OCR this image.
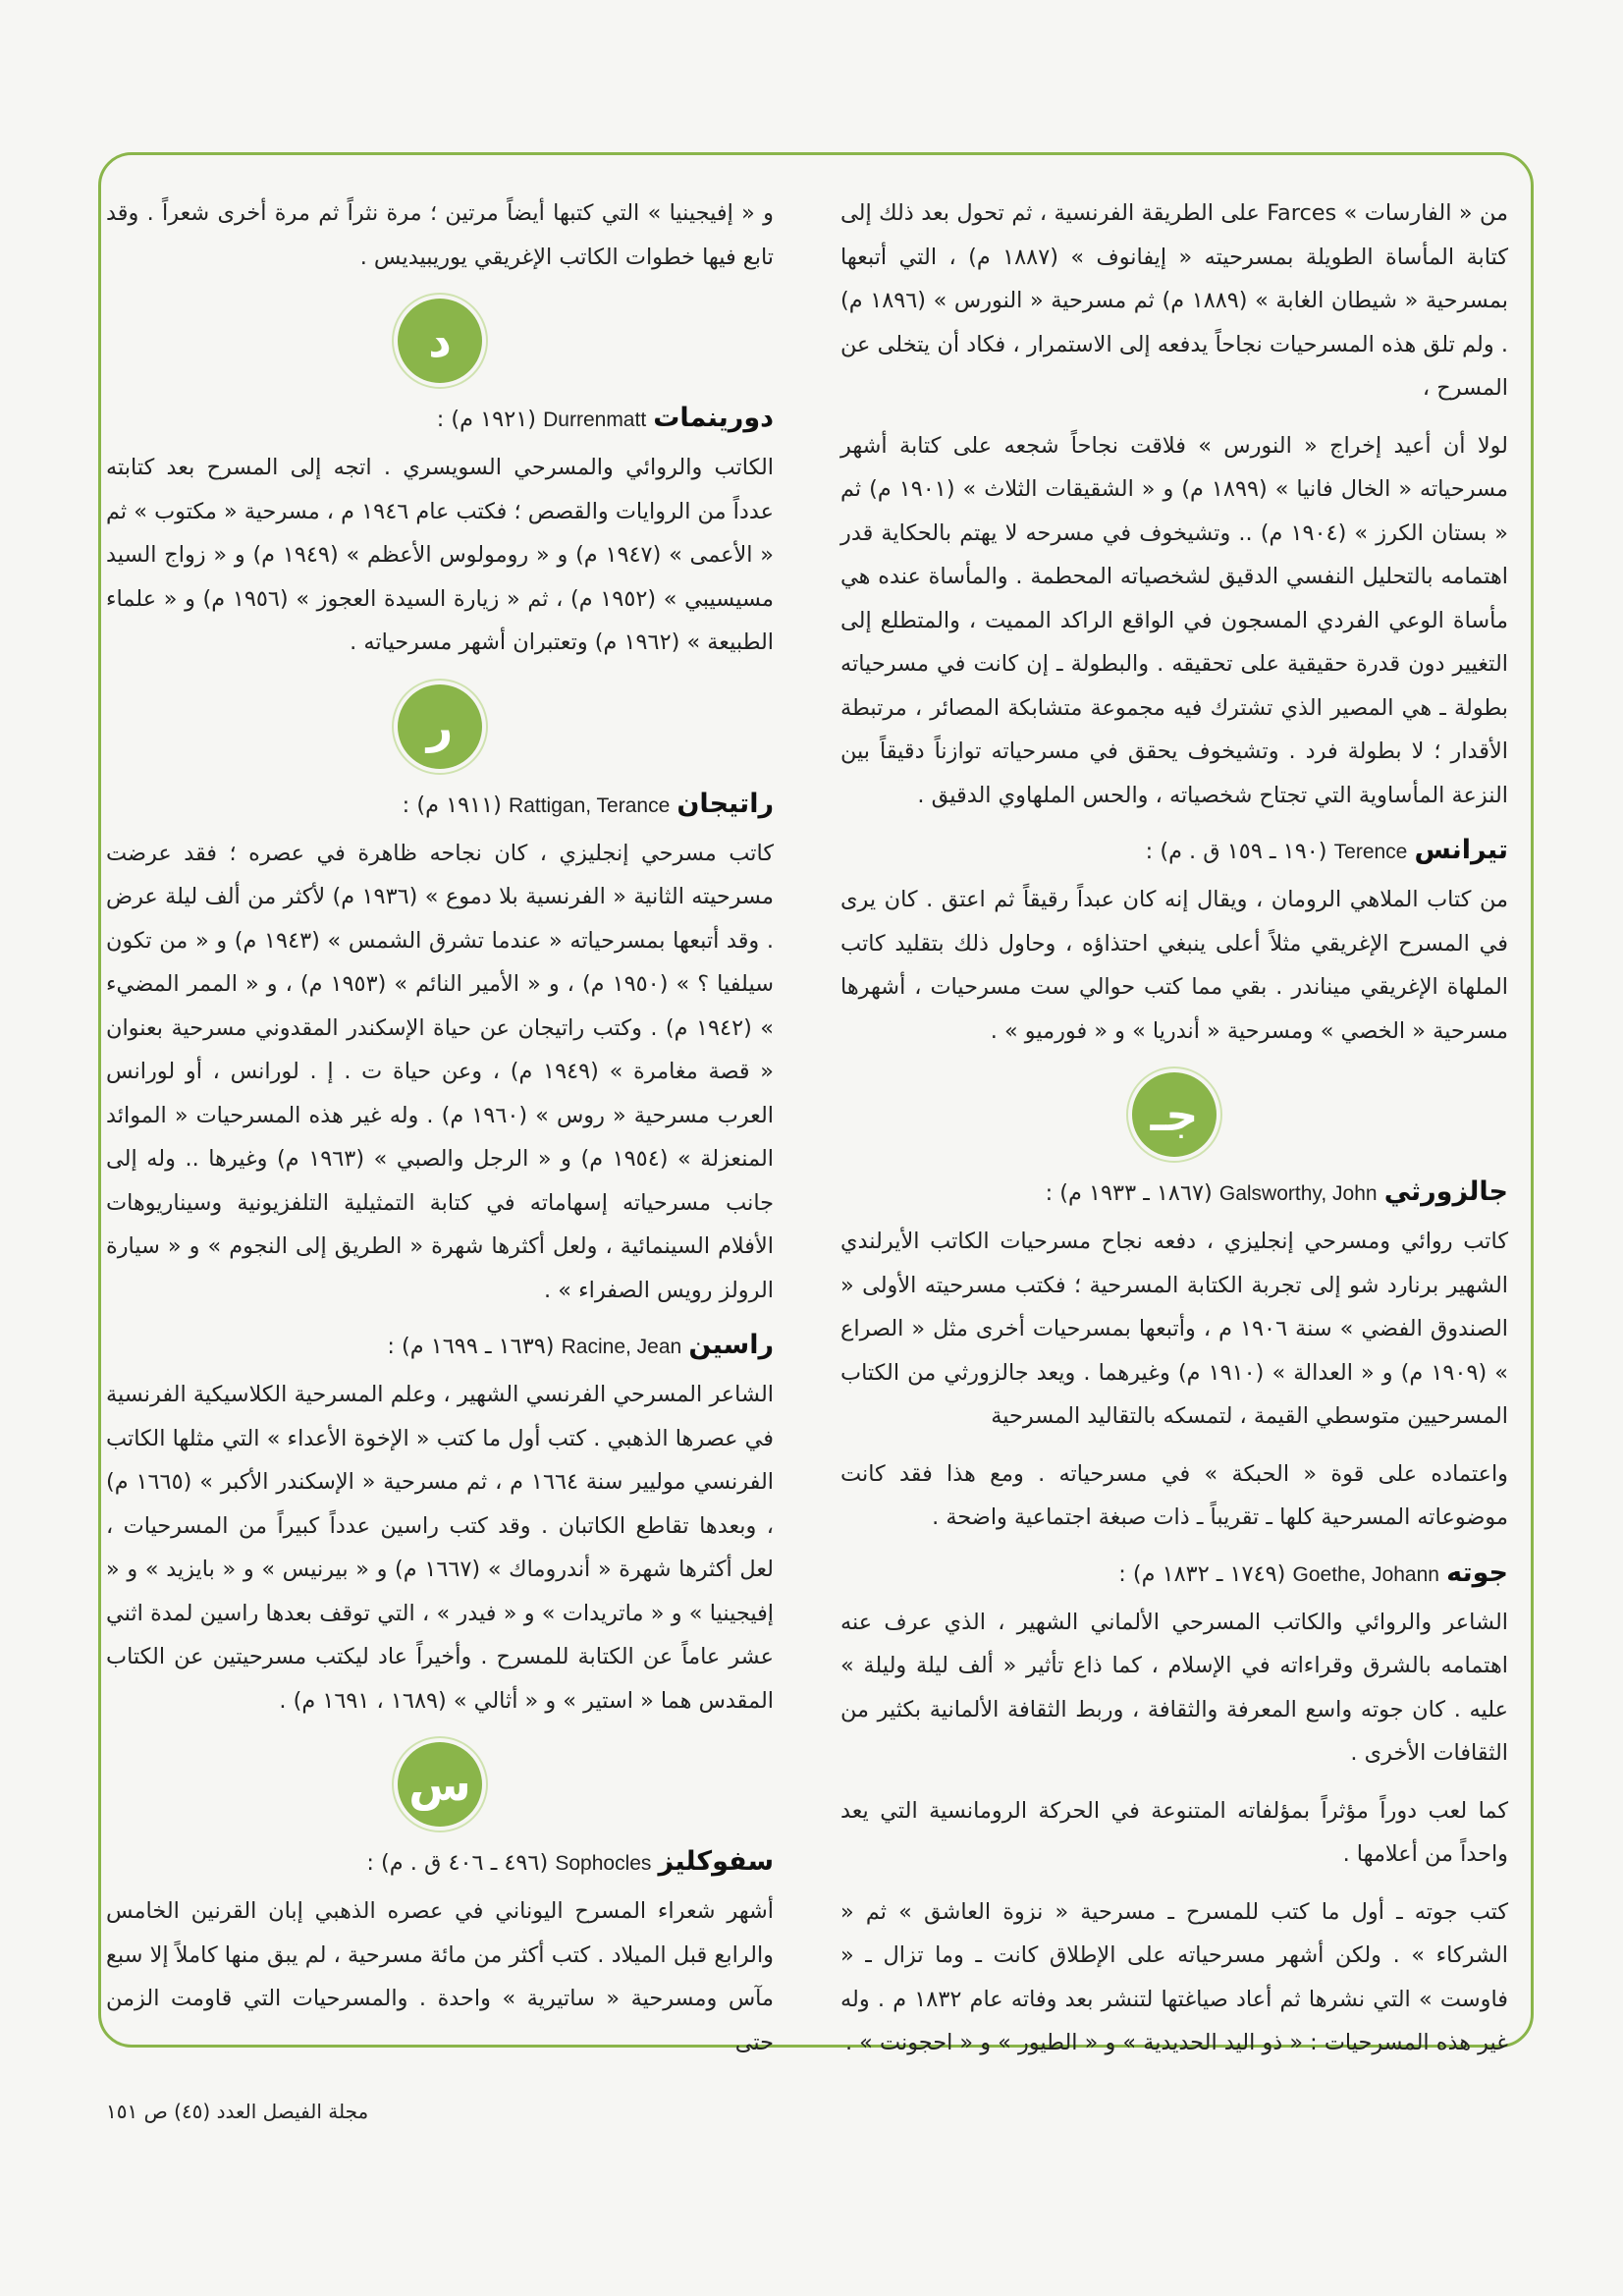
من « الفارسات » Farces على الطريقة الفرنسية ، ثم تحول بعد ذلك إلى كتابة المأساة الطويلة بمسرحيته « إيفانوف » (١٨٨٧ م) ، التي أتبعها بمسرحية « شيطان الغابة » (١٨٨٩ م) ثم مسرحية « النورس » (١٨٩٦ م) . ولم تلق هذه المسرحيات نجاحاً يدفعه إلى الاستمرار ، فكاد أن يتخلى عن المسرح ،

لولا أن أعيد إخراج « النورس » فلاقت نجاحاً شجعه على كتابة أشهر مسرحياته « الخال فانيا » (١٨٩٩ م) و « الشقيقات الثلاث » (١٩٠١ م) ثم « بستان الكرز » (١٩٠٤ م) .. وتشيخوف في مسرحه لا يهتم بالحكاية قدر اهتمامه بالتحليل النفسي الدقيق لشخصياته المحطمة . والمأساة عنده هي مأساة الوعي الفردي المسجون في الواقع الراكد المميت ، والمتطلع إلى التغيير دون قدرة حقيقية على تحقيقه . والبطولة ـ إن كانت في مسرحياته بطولة ـ هي المصير الذي تشترك فيه مجموعة متشابكة المصائر ، مرتبطة الأقدار ؛ لا بطولة فرد . وتشيخوف يحقق في مسرحياته توازناً دقيقاً بين النزعة المأساوية التي تجتاح شخصياته ، والحس الملهاوي الدقيق .

تيرانس Terence (١٩٠ ـ ١٥٩ ق . م) :

من كتاب الملاهي الرومان ، ويقال إنه كان عبداً رقيقاً ثم اعتق . كان يرى في المسرح الإغريقي مثلاً أعلى ينبغي احتذاؤه ، وحاول ذلك بتقليد كاتب الملهاة الإغريقي ميناندر . بقي مما كتب حوالي ست مسرحيات ، أشهرها مسرحية « الخصي » ومسرحية « أندريا » و « فورميو » .

جـ
جالزورثي Galsworthy, John (١٨٦٧ ـ ١٩٣٣ م) :

كاتب روائي ومسرحي إنجليزي ، دفعه نجاح مسرحيات الكاتب الأيرلندي الشهير برنارد شو إلى تجربة الكتابة المسرحية ؛ فكتب مسرحيته الأولى « الصندوق الفضي » سنة ١٩٠٦ م ، وأتبعها بمسرحيات أخرى مثل « الصراع » (١٩٠٩ م) و « العدالة » (١٩١٠ م) وغيرهما . ويعد جالزورثي من الكتاب المسرحيين متوسطي القيمة ، لتمسكه بالتقاليد المسرحية

واعتماده على قوة « الحبكة » في مسرحياته . ومع هذا فقد كانت موضوعاته المسرحية كلها ـ تقريباً ـ ذات صبغة اجتماعية واضحة .

جوته Goethe, Johann (١٧٤٩ ـ ١٨٣٢ م) :

الشاعر والروائي والكاتب المسرحي الألماني الشهير ، الذي عرف عنه اهتمامه بالشرق وقراءاته في الإسلام ، كما ذاع تأثير « ألف ليلة وليلة » عليه . كان جوته واسع المعرفة والثقافة ، وربط الثقافة الألمانية بكثير من الثقافات الأخرى .

كما لعب دوراً مؤثراً بمؤلفاته المتنوعة في الحركة الرومانسية التي يعد واحداً من أعلامها .

كتب جوته ـ أول ما كتب للمسرح ـ مسرحية « نزوة العاشق » ثم « الشركاء » . ولكن أشهر مسرحياته على الإطلاق كانت ـ وما تزال ـ « فاوست » التي نشرها ثم أعاد صياغتها لتنشر بعد وفاته عام ١٨٣٢ م . وله غير هذه المسرحيات : « ذو اليد الحديدية » و « الطيور » و « احجونت » .

و « إفيجينيا » التي كتبها أيضاً مرتين ؛ مرة نثراً ثم مرة أخرى شعراً . وقد تابع فيها خطوات الكاتب الإغريقي يوريبيديس .

د
دورينمات Durrenmatt (١٩٢١ م) :

الكاتب والروائي والمسرحي السويسري . اتجه إلى المسرح بعد كتابته عدداً من الروايات والقصص ؛ فكتب عام ١٩٤٦ م ، مسرحية « مكتوب » ثم « الأعمى » (١٩٤٧ م) و « رومولوس الأعظم » (١٩٤٩ م) و « زواج السيد مسيسيبي » (١٩٥٢ م) ، ثم « زيارة السيدة العجوز » (١٩٥٦ م) و « علماء الطبيعة » (١٩٦٢ م) وتعتبران أشهر مسرحياته .

ر
راتيجان Rattigan, Terance (١٩١١ م) :

كاتب مسرحي إنجليزي ، كان نجاحه ظاهرة في عصره ؛ فقد عرضت مسرحيته الثانية « الفرنسية بلا دموع » (١٩٣٦ م) لأكثر من ألف ليلة عرض . وقد أتبعها بمسرحياته « عندما تشرق الشمس » (١٩٤٣ م) و « من تكون سيلفيا ؟ » (١٩٥٠ م) ، و « الأمير النائم » (١٩٥٣ م) ، و « الممر المضيء » (١٩٤٢ م) . وكتب راتيجان عن حياة الإسكندر المقدوني مسرحية بعنوان « قصة مغامرة » (١٩٤٩ م) ، وعن حياة ت . إ . لورانس ، أو لورانس العرب مسرحية « روس » (١٩٦٠ م) . وله غير هذه المسرحيات « الموائد المنعزلة » (١٩٥٤ م) و « الرجل والصبي » (١٩٦٣ م) وغيرها .. وله إلى جانب مسرحياته إسهاماته في كتابة التمثيلية التلفزيونية وسيناريوهات الأفلام السينمائية ، ولعل أكثرها شهرة « الطريق إلى النجوم » و « سيارة الرولز رويس الصفراء » .

راسين Racine, Jean (١٦٣٩ ـ ١٦٩٩ م) :

الشاعر المسرحي الفرنسي الشهير ، وعلم المسرحية الكلاسيكية الفرنسية في عصرها الذهبي . كتب أول ما كتب « الإخوة الأعداء » التي مثلها الكاتب الفرنسي موليير سنة ١٦٦٤ م ، ثم مسرحية « الإسكندر الأكبر » (١٦٦٥ م) ، وبعدها تقاطع الكاتبان . وقد كتب راسين عدداً كبيراً من المسرحيات ، لعل أكثرها شهرة « أندروماك » (١٦٦٧ م) و « بيرنيس » و « بايزيد » و « إفيجينيا » و « ماتريدات » و « فيدر » ، التي توقف بعدها راسين لمدة اثني عشر عاماً عن الكتابة للمسرح . وأخيراً عاد ليكتب مسرحيتين عن الكتاب المقدس هما « استير » و « أثالي » (١٦٨٩ ، ١٦٩١ م) .

س
سفوكليز Sophocles (٤٩٦ ـ ٤٠٦ ق . م) :

أشهر شعراء المسرح اليوناني في عصره الذهبي إبان القرنين الخامس والرابع قبل الميلاد . كتب أكثر من مائة مسرحية ، لم يبق منها كاملاً إلا سبع مآس ومسرحية « ساتيرية » واحدة . والمسرحيات التي قاومت الزمن حتى

مجلة الفيصل العدد (٤٥) ص ١٥١
